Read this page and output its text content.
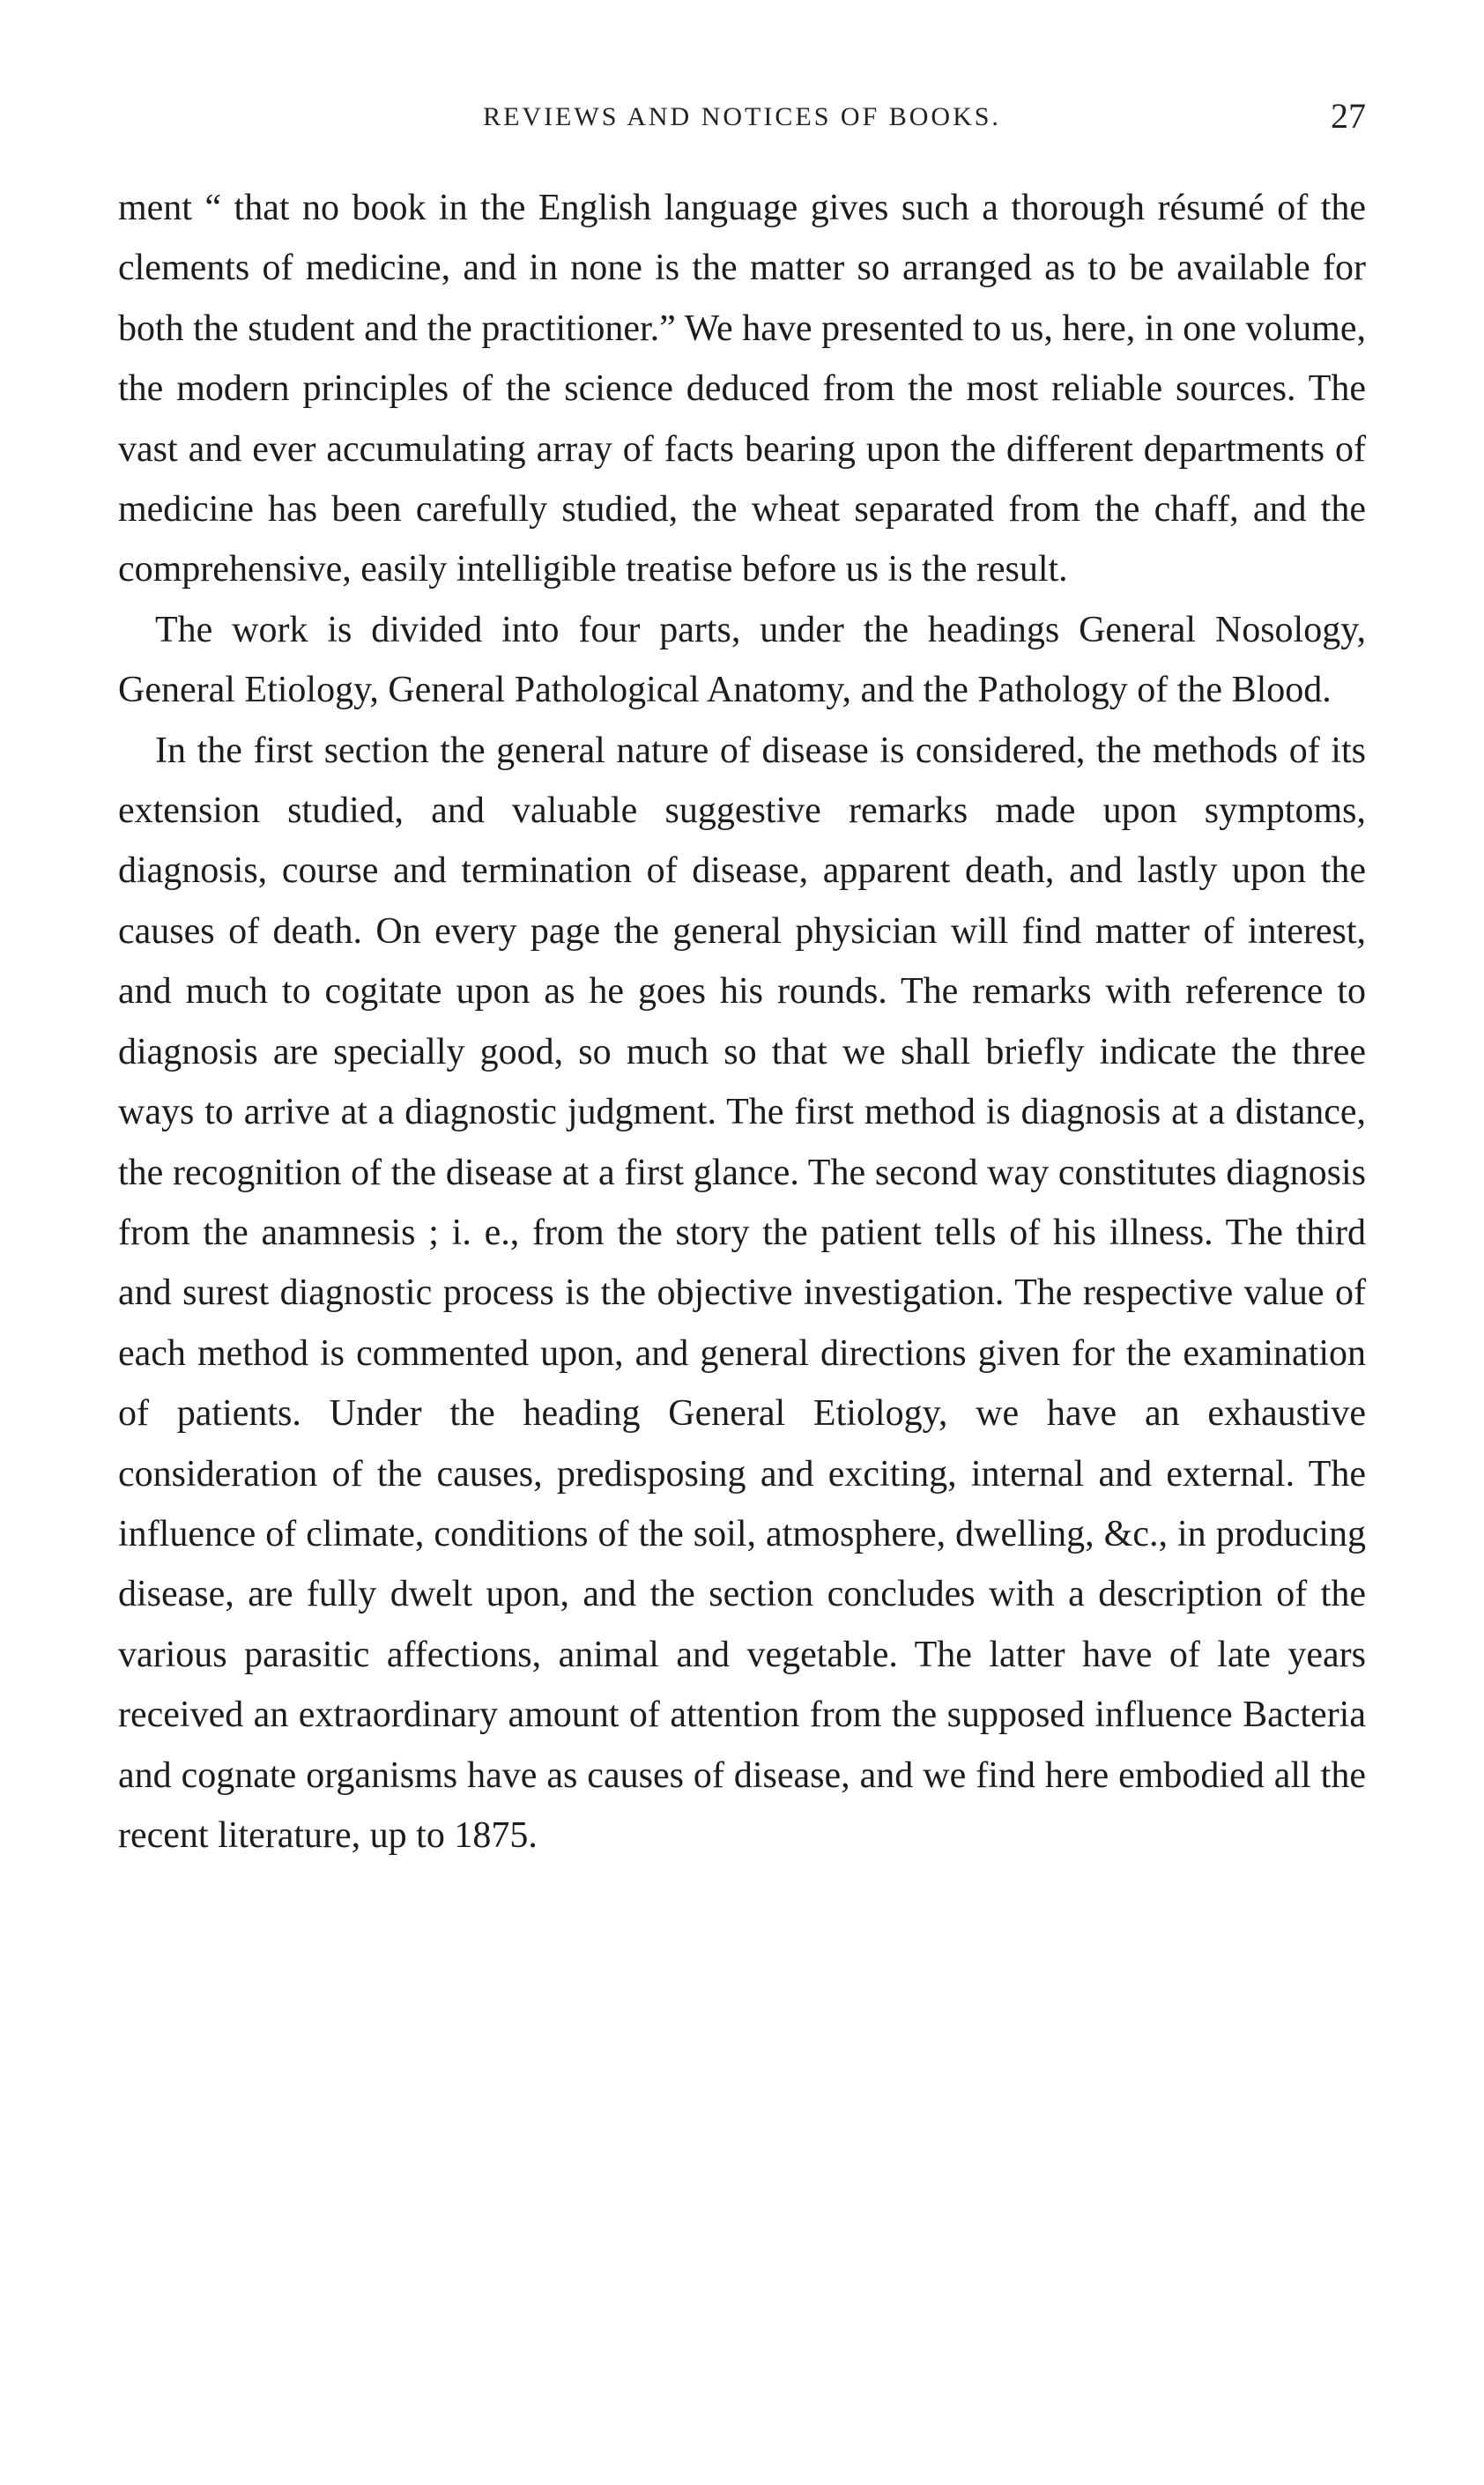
REVIEWS AND NOTICES OF BOOKS.	27

ment “ that no book in the English language gives such a thorough résumé of the clements of medicine, and in none is the matter so arranged as to be available for both the student and the practitioner.” We have presented to us, here, in one volume, the modern principles of the science deduced from the most reliable sources. The vast and ever accumulating array of facts bearing upon the different departments of medicine has been carefully studied, the wheat separated from the chaff, and the comprehensive, easily intelligible treatise before us is the result.

The work is divided into four parts, under the headings General Nosology, General Etiology, General Pathological Anatomy, and the Pathology of the Blood.

In the first section the general nature of disease is considered, the methods of its extension studied, and valuable suggestive remarks made upon symptoms, diagnosis, course and termination of disease, apparent death, and lastly upon the causes of death. On every page the general physician will find matter of interest, and much to cogitate upon as he goes his rounds. The remarks with reference to diagnosis are specially good, so much so that we shall briefly indicate the three ways to arrive at a diagnostic judgment. The first method is diagnosis at a distance, the recognition of the disease at a first glance. The second way constitutes diagnosis from the anamnesis ; i. e., from the story the patient tells of his illness. The third and surest diagnostic process is the objective investigation. The respective value of each method is commented upon, and general directions given for the examination of patients. Under the heading General Etiology, we have an exhaustive consideration of the causes, predisposing and exciting, internal and external. The influence of climate, conditions of the soil, atmosphere, dwelling, &c., in producing disease, are fully dwelt upon, and the section concludes with a description of the various parasitic affections, animal and vegetable. The latter have of late years received an extraordinary amount of attention from the supposed influence Bacteria and cognate organisms have as causes of disease, and we find here embodied all the recent literature, up to 1875.
